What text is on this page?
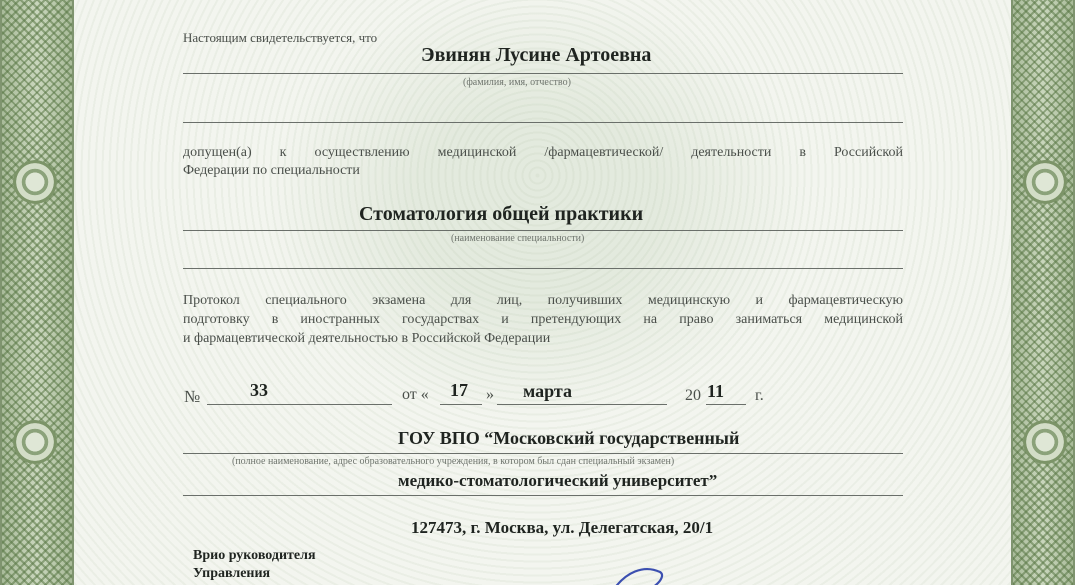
Настоящим свидетельствуется, что
Эвинян Лусине Артоевна
(фамилия, имя, отчество)
допущен(а) к осуществлению медицинской /фармацевтической/ деятельности в Российской
Федерации по специальности
Стоматология общей практики
(наименование специальности)
Протокол специального экзамена для лиц, получивших медицинскую и фармацевтическую
подготовку в иностранных государствах и претендующих на право заниматься медицинской
и фармацевтической деятельностью в Российской Федерации
№	33	от « 17 » марта	20 11 г.
ГОУ ВПО “Московский государственный
(полное наименование, адрес образовательного учреждения, в котором был сдан специальный экзамен)
медико-стоматологический университет”
127473, г. Москва, ул. Делегатская, 20/1
Врио руководителя
Управления
